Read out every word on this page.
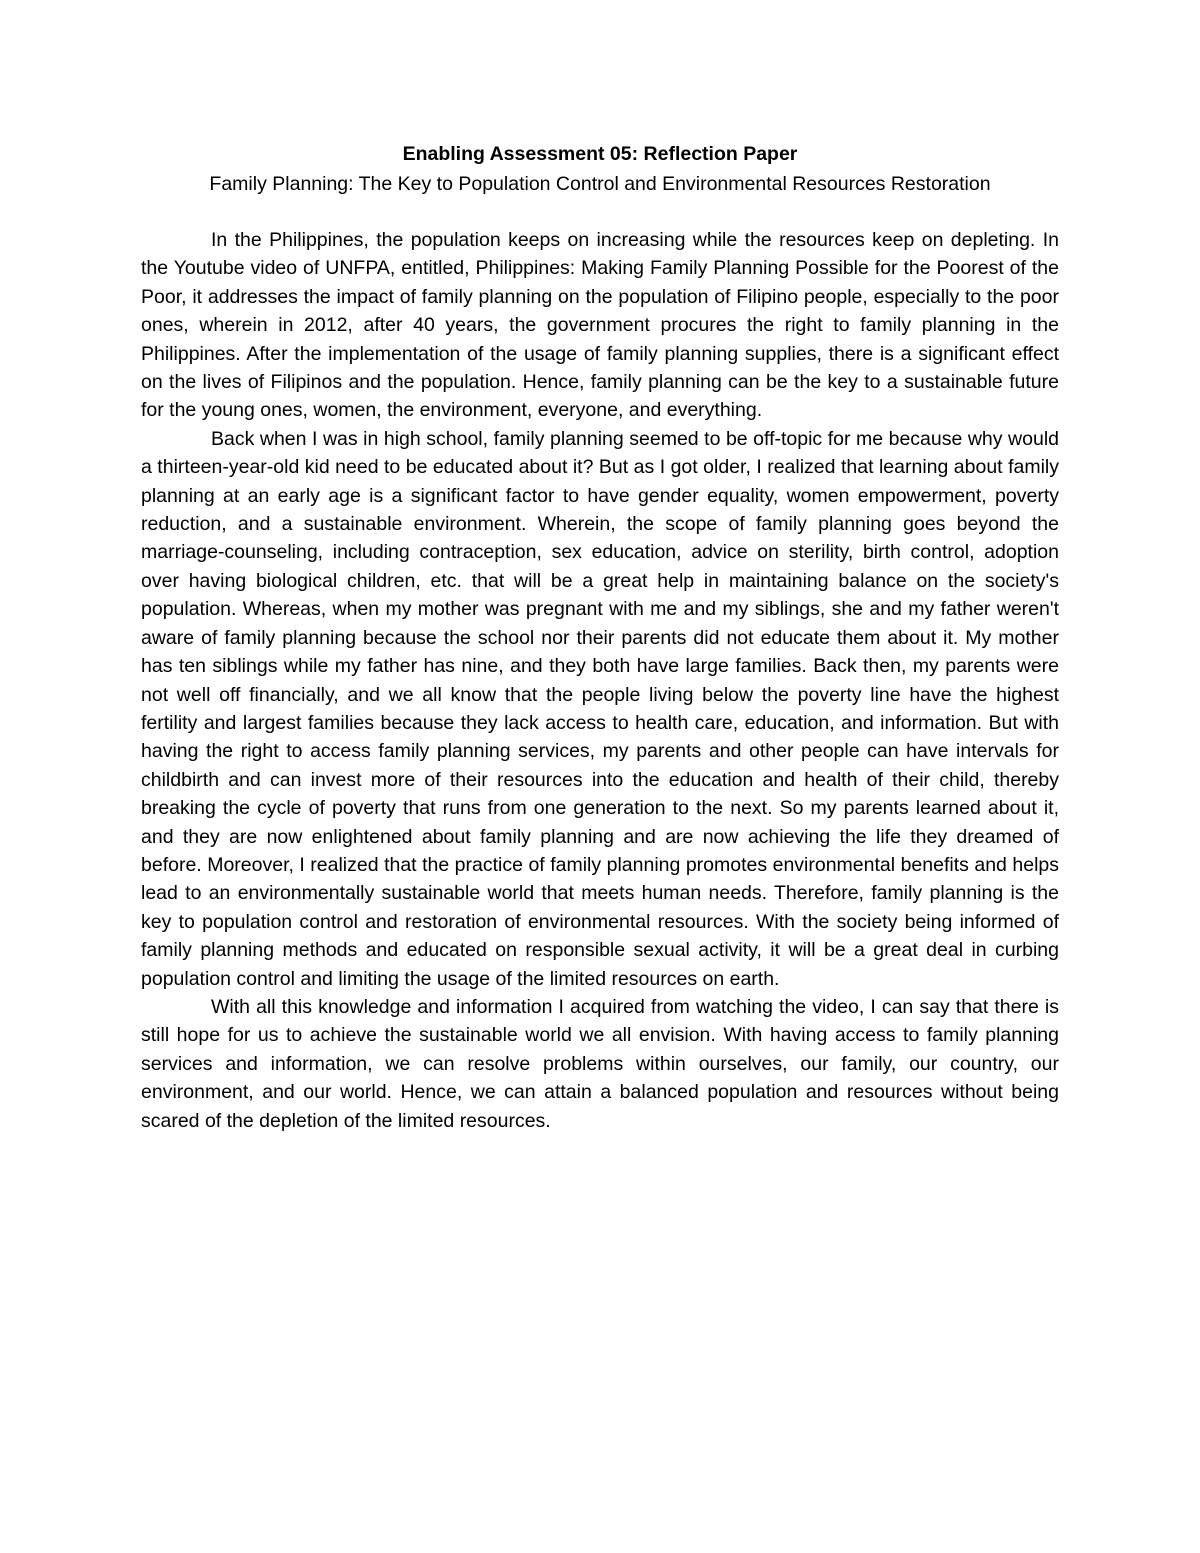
Enabling Assessment 05: Reflection Paper
Family Planning: The Key to Population Control and Environmental Resources Restoration

In the Philippines, the population keeps on increasing while the resources keep on depleting. In the Youtube video of UNFPA, entitled, Philippines: Making Family Planning Possible for the Poorest of the Poor, it addresses the impact of family planning on the population of Filipino people, especially to the poor ones, wherein in 2012, after 40 years, the government procures the right to family planning in the Philippines. After the implementation of the usage of family planning supplies, there is a significant effect on the lives of Filipinos and the population. Hence, family planning can be the key to a sustainable future for the young ones, women, the environment, everyone, and everything.

Back when I was in high school, family planning seemed to be off-topic for me because why would a thirteen-year-old kid need to be educated about it? But as I got older, I realized that learning about family planning at an early age is a significant factor to have gender equality, women empowerment, poverty reduction, and a sustainable environment. Wherein, the scope of family planning goes beyond the marriage-counseling, including contraception, sex education, advice on sterility, birth control, adoption over having biological children, etc. that will be a great help in maintaining balance on the society's population. Whereas, when my mother was pregnant with me and my siblings, she and my father weren't aware of family planning because the school nor their parents did not educate them about it. My mother has ten siblings while my father has nine, and they both have large families. Back then, my parents were not well off financially, and we all know that the people living below the poverty line have the highest fertility and largest families because they lack access to health care, education, and information. But with having the right to access family planning services, my parents and other people can have intervals for childbirth and can invest more of their resources into the education and health of their child, thereby breaking the cycle of poverty that runs from one generation to the next. So my parents learned about it, and they are now enlightened about family planning and are now achieving the life they dreamed of before. Moreover, I realized that the practice of family planning promotes environmental benefits and helps lead to an environmentally sustainable world that meets human needs. Therefore, family planning is the key to population control and restoration of environmental resources. With the society being informed of family planning methods and educated on responsible sexual activity, it will be a great deal in curbing population control and limiting the usage of the limited resources on earth.

With all this knowledge and information I acquired from watching the video, I can say that there is still hope for us to achieve the sustainable world we all envision. With having access to family planning services and information, we can resolve problems within ourselves, our family, our country, our environment, and our world. Hence, we can attain a balanced population and resources without being scared of the depletion of the limited resources.
